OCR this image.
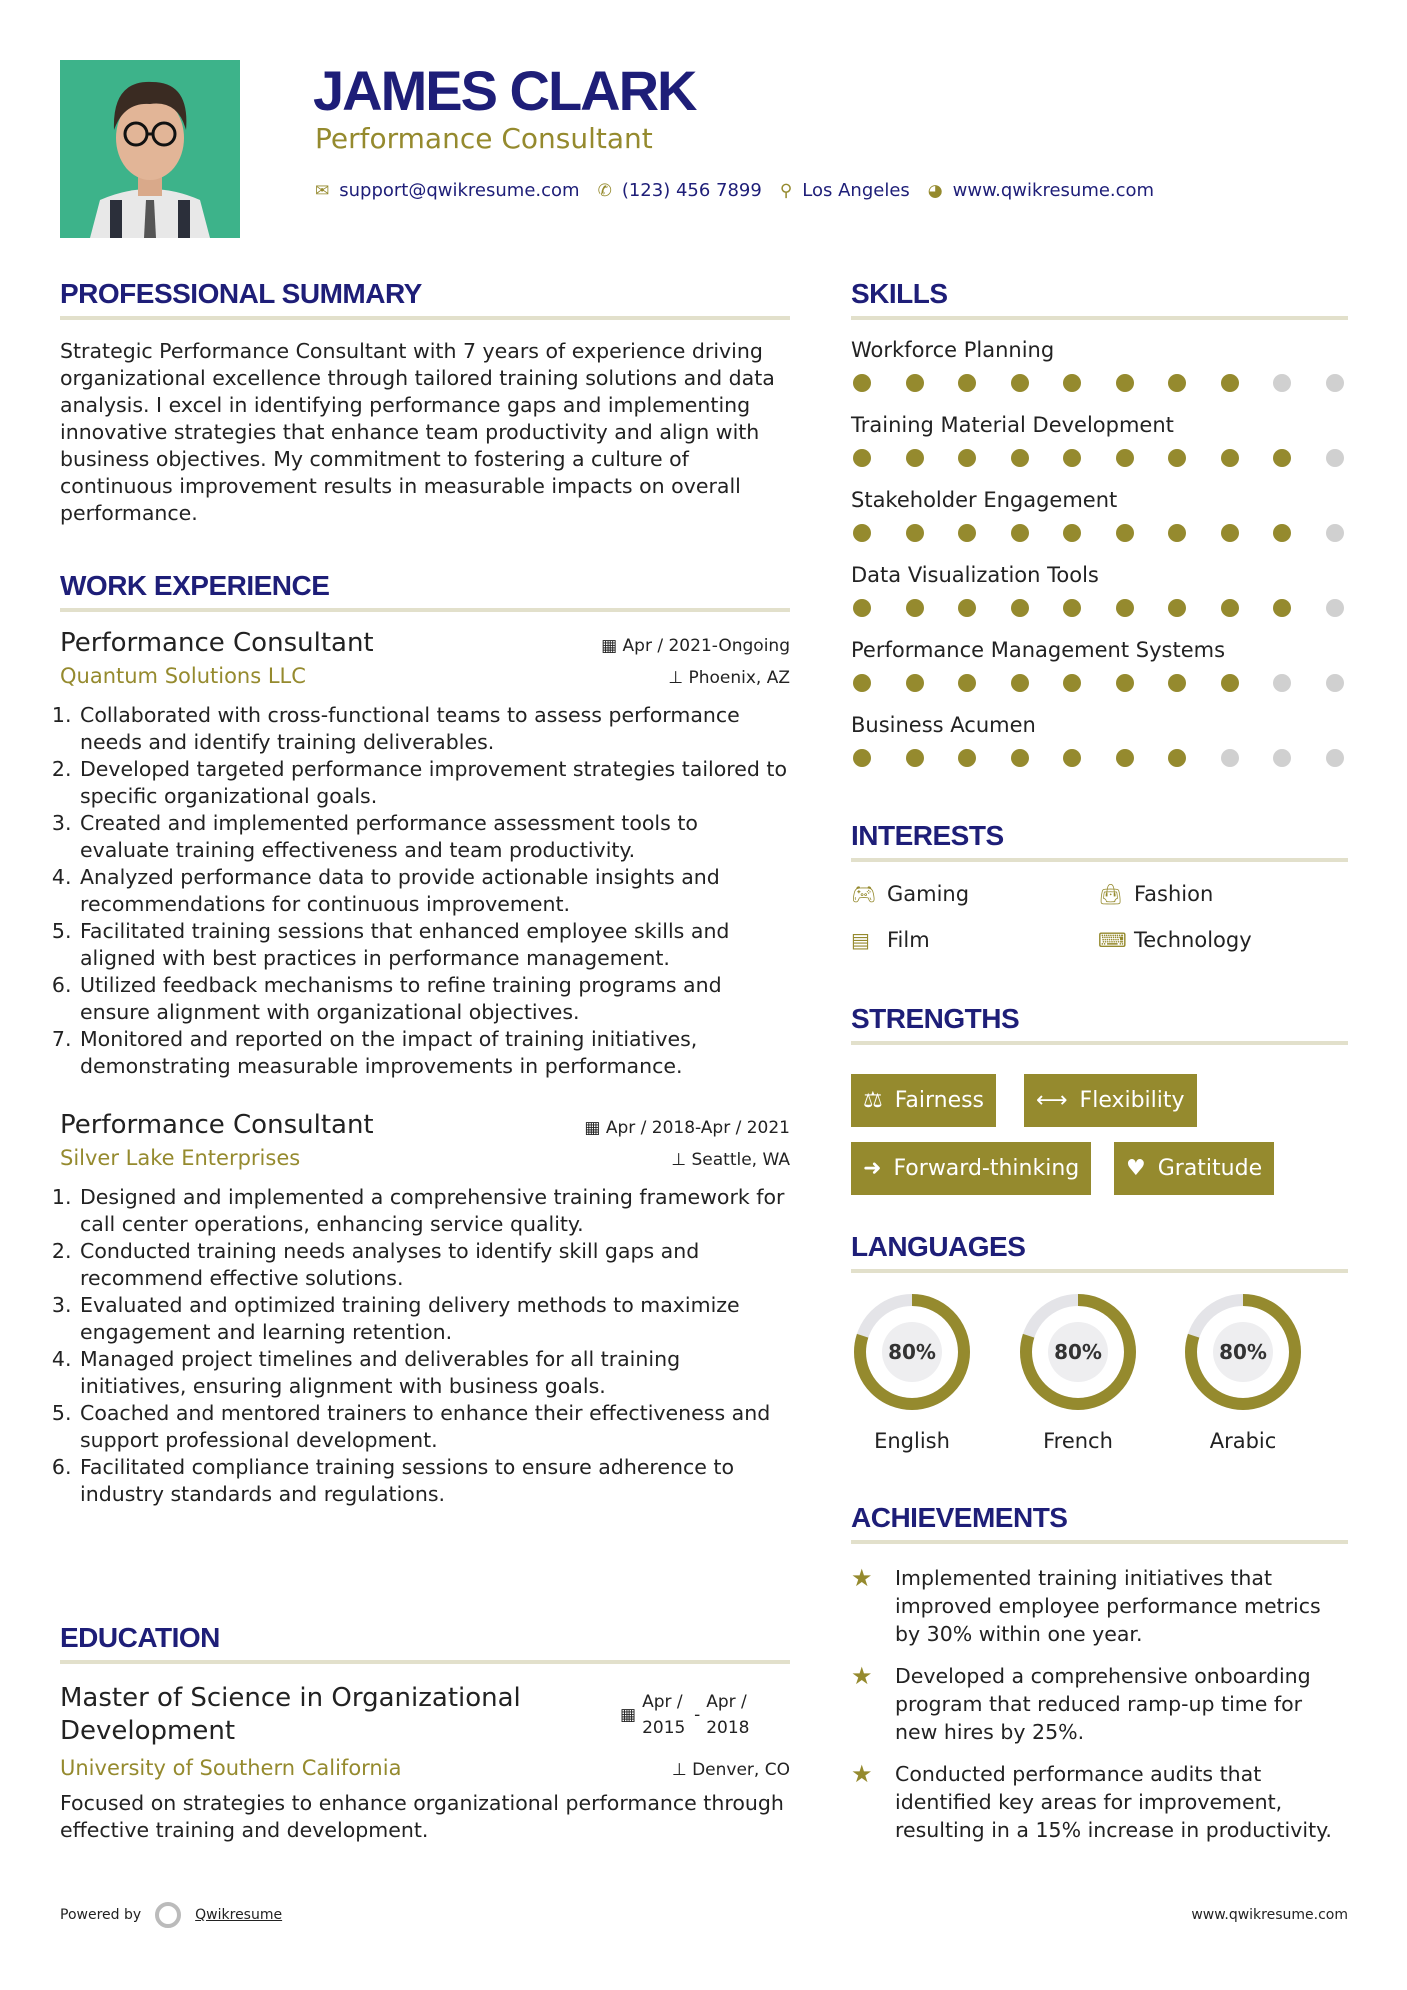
JAMES CLARK
Performance Consultant
✉ support@qwikresume.com ✆ (123) 456 7899 ⚲ Los Angeles ◕ www.qwikresume.com
PROFESSIONAL SUMMARY

Strategic Performance Consultant with 7 years of experience driving organizational excellence through tailored training solutions and data analysis. I excel in identifying performance gaps and implementing innovative strategies that enhance team productivity and align with business objectives. My commitment to fostering a culture of continuous improvement results in measurable impacts on overall performance.

WORK EXPERIENCE
Performance Consultant	▦ Apr / 2021-Ongoing
Quantum Solutions LLC	⊥ Phoenix, AZ
1. Collaborated with cross-functional teams to assess performance needs and identify training deliverables.
2. Developed targeted performance improvement strategies tailored to specific organizational goals.
3. Created and implemented performance assessment tools to evaluate training effectiveness and team productivity.
4. Analyzed performance data to provide actionable insights and recommendations for continuous improvement.
5. Facilitated training sessions that enhanced employee skills and aligned with best practices in performance management.
6. Utilized feedback mechanisms to refine training programs and ensure alignment with organizational objectives.
7. Monitored and reported on the impact of training initiatives, demonstrating measurable improvements in performance.
Performance Consultant	▦ Apr / 2018-Apr / 2021
Silver Lake Enterprises	⊥ Seattle, WA
1. Designed and implemented a comprehensive training framework for call center operations, enhancing service quality.
2. Conducted training needs analyses to identify skill gaps and recommend effective solutions.
3. Evaluated and optimized training delivery methods to maximize engagement and learning retention.
4. Managed project timelines and deliverables for all training initiatives, ensuring alignment with business goals.
5. Coached and mentored trainers to enhance their effectiveness and support professional development.
6. Facilitated compliance training sessions to ensure adherence to industry standards and regulations.
EDUCATION
Master of Science in Organizational Development
▦
Apr / 2015
-
Apr / 2018
University of Southern California	⊥ Denver, CO

Focused on strategies to enhance organizational performance through effective training and development.

SKILLS
Workforce Planning
Training Material Development
Stakeholder Engagement
Data Visualization Tools
Performance Management Systems
Business Acumen
INTERESTS
🎮︎ Gaming	👜︎ Fashion
▤ Film	⌨ Technology
STRENGTHS
⚖ Fairness ⟷ Flexibility
➜ Forward-thinking ♥ Gratitude
LANGUAGES
80%
English
80%
French
80%
Arabic
ACHIEVEMENTS
★	Implemented training initiatives that improved employee performance metrics by 30% within one year.
★	Developed a comprehensive onboarding program that reduced ramp-up time for new hires by 25%.
★	Conducted performance audits that identified key areas for improvement, resulting in a 15% increase in productivity.
Powered by	Qwikresume	www.qwikresume.com
